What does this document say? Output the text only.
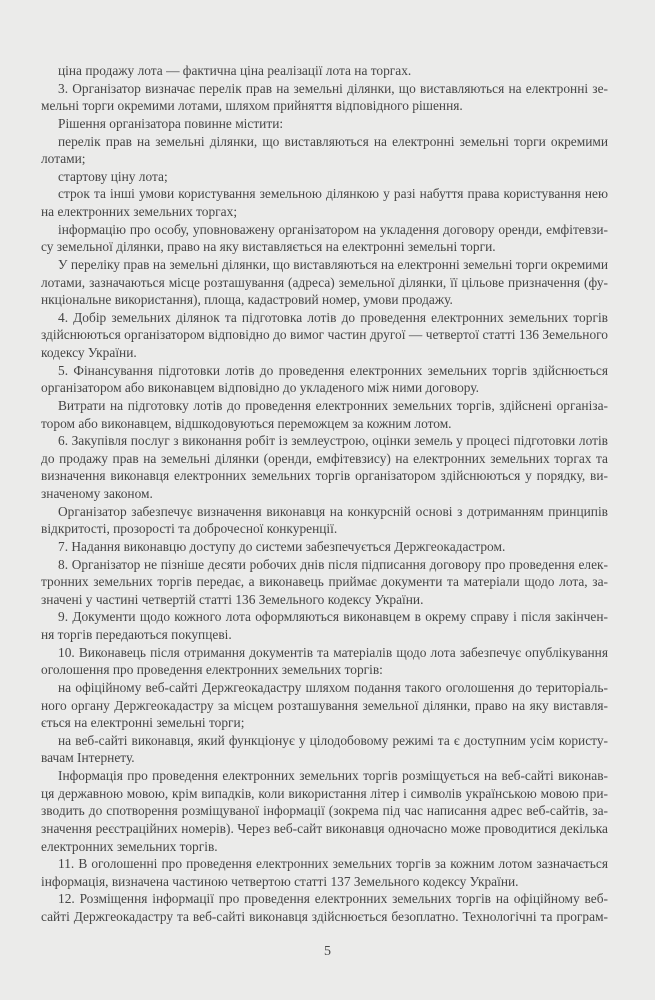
ціна продажу лота — фактична ціна реалізації лота на торгах.
3. Організатор визначає перелік прав на земельні ділянки, що виставляються на електронні зе-
мельні торги окремими лотами, шляхом прийняття відповідного рішення.
Рішення організатора повинне містити:
перелік прав на земельні ділянки, що виставляються на електронні земельні торги окремими
лотами;
стартову ціну лота;
строк та інші умови користування земельною ділянкою у разі набуття права користування нею
на електронних земельних торгах;
інформацію про особу, уповноважену організатором на укладення договору оренди, емфітевзи-
су земельної ділянки, право на яку виставляється на електронні земельні торги.
У переліку прав на земельні ділянки, що виставляються на електронні земельні торги окремими
лотами, зазначаються місце розташування (адреса) земельної ділянки, її цільове призначення (фу-
нкціональне використання), площа, кадастровий номер, умови продажу.
4. Добір земельних ділянок та підготовка лотів до проведення електронних земельних торгів
здійснюються організатором відповідно до вимог частин другої — четвертої статті 136 Земельного
кодексу України.
5. Фінансування підготовки лотів до проведення електронних земельних торгів здійснюється
організатором або виконавцем відповідно до укладеного між ними договору.
Витрати на підготовку лотів до проведення електронних земельних торгів, здійснені організа-
тором або виконавцем, відшкодовуються переможцем за кожним лотом.
6. Закупівля послуг з виконання робіт із землеустрою, оцінки земель у процесі підготовки лотів
до продажу прав на земельні ділянки (оренди, емфітевзису) на електронних земельних торгах та
визначення виконавця електронних земельних торгів організатором здійснюються у порядку, ви-
значеному законом.
Організатор забезпечує визначення виконавця на конкурсній основі з дотриманням принципів
відкритості, прозорості та доброчесної конкуренції.
7. Надання виконавцю доступу до системи забезпечується Держгеокадастром.
8. Організатор не пізніше десяти робочих днів після підписання договору про проведення елек-
тронних земельних торгів передає, а виконавець приймає документи та матеріали щодо лота, за-
значені у частині четвертій статті 136 Земельного кодексу України.
9. Документи щодо кожного лота оформляються виконавцем в окрему справу і після закінчен-
ня торгів передаються покупцеві.
10. Виконавець після отримання документів та матеріалів щодо лота забезпечує опублікування
оголошення про проведення електронних земельних торгів:
на офіційному веб-сайті Держгеокадастру шляхом подання такого оголошення до територіаль-
ного органу Держгеокадастру за місцем розташування земельної ділянки, право на яку виставля-
ється на електронні земельні торги;
на веб-сайті виконавця, який функціонує у цілодобовому режимі та є доступним усім користу-
вачам Інтернету.
Інформація про проведення електронних земельних торгів розміщується на веб-сайті виконав-
ця державною мовою, крім випадків, коли використання літер і символів українською мовою при-
зводить до спотворення розміщуваної інформації (зокрема під час написання адрес веб-сайтів, за-
значення реєстраційних номерів). Через веб-сайт виконавця одночасно може проводитися декілька
електронних земельних торгів.
11. В оголошенні про проведення електронних земельних торгів за кожним лотом зазначається
інформація, визначена частиною четвертою статті 137 Земельного кодексу України.
12. Розміщення інформації про проведення електронних земельних торгів на офіційному веб-
сайті Держгеокадастру та веб-сайті виконавця здійснюється безоплатно. Технологічні та програм-
5
